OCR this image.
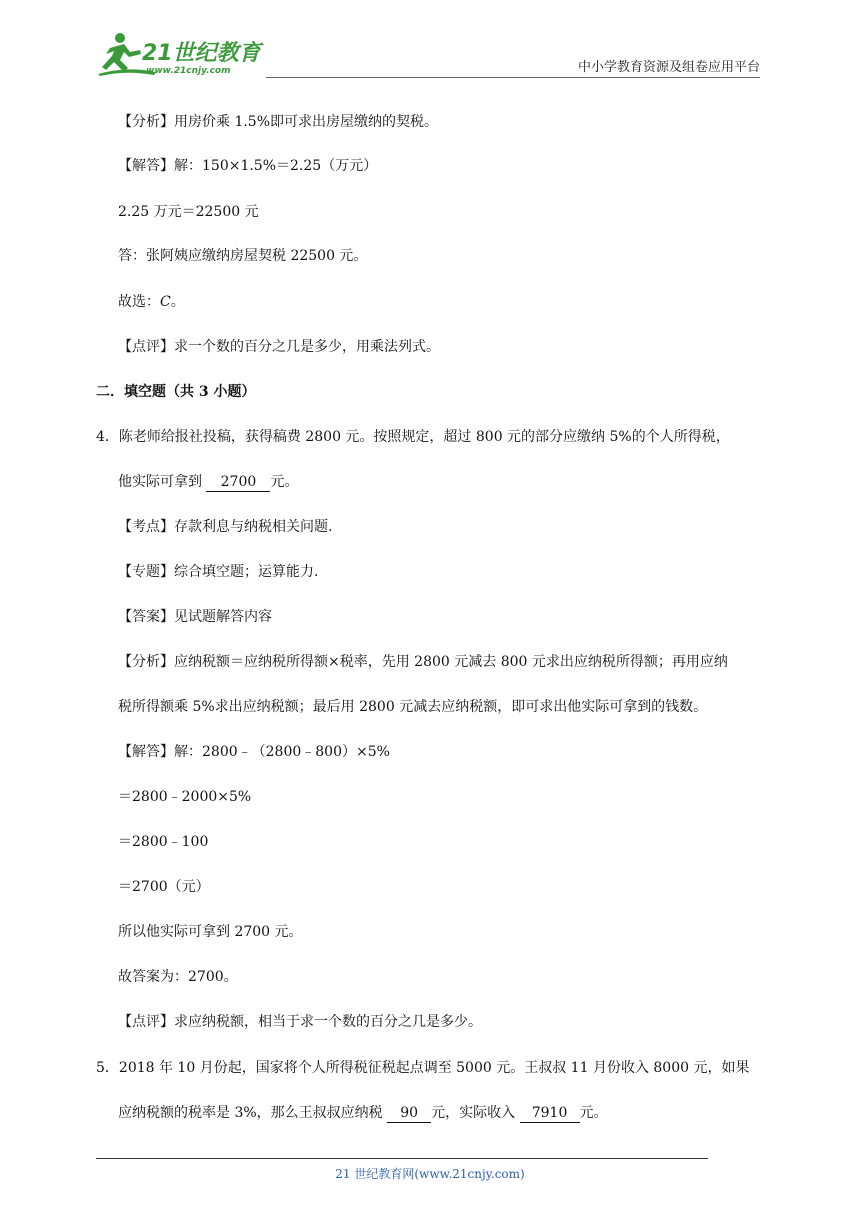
21世纪教育
www.21cnjy.com	中小学教育资源及组卷应用平台
【分析】用房价乘 1.5%即可求出房屋缴纳的契税。
【解答】解：150×1.5%＝2.25（万元）
2.25 万元＝22500 元
答：张阿姨应缴纳房屋契税 22500 元。
故选：C。
【点评】求一个数的百分之几是多少，用乘法列式。
二．填空题（共 3 小题）
4．陈老师给报社投稿，获得稿费 2800 元。按照规定，超过 800 元的部分应缴纳 5%的个人所得税，
他实际可拿到 2700 元。
【考点】存款利息与纳税相关问题.
【专题】综合填空题；运算能力.
【答案】见试题解答内容
【分析】应纳税额＝应纳税所得额×税率，先用 2800 元减去 800 元求出应纳税所得额；再用应纳
税所得额乘 5%求出应纳税额；最后用 2800 元减去应纳税额，即可求出他实际可拿到的钱数。
【解答】解：2800﹣（2800﹣800）×5%
＝2800﹣2000×5%
＝2800﹣100
＝2700（元）
所以他实际可拿到 2700 元。
故答案为：2700。
【点评】求应纳税额，相当于求一个数的百分之几是多少。
5．2018 年 10 月份起，国家将个人所得税征税起点调至 5000 元。王叔叔 11 月份收入 8000 元，如果
应纳税额的税率是 3%，那么王叔叔应纳税 90 元，实际收入 7910 元。
21 世纪教育网(www.21cnjy.com)
